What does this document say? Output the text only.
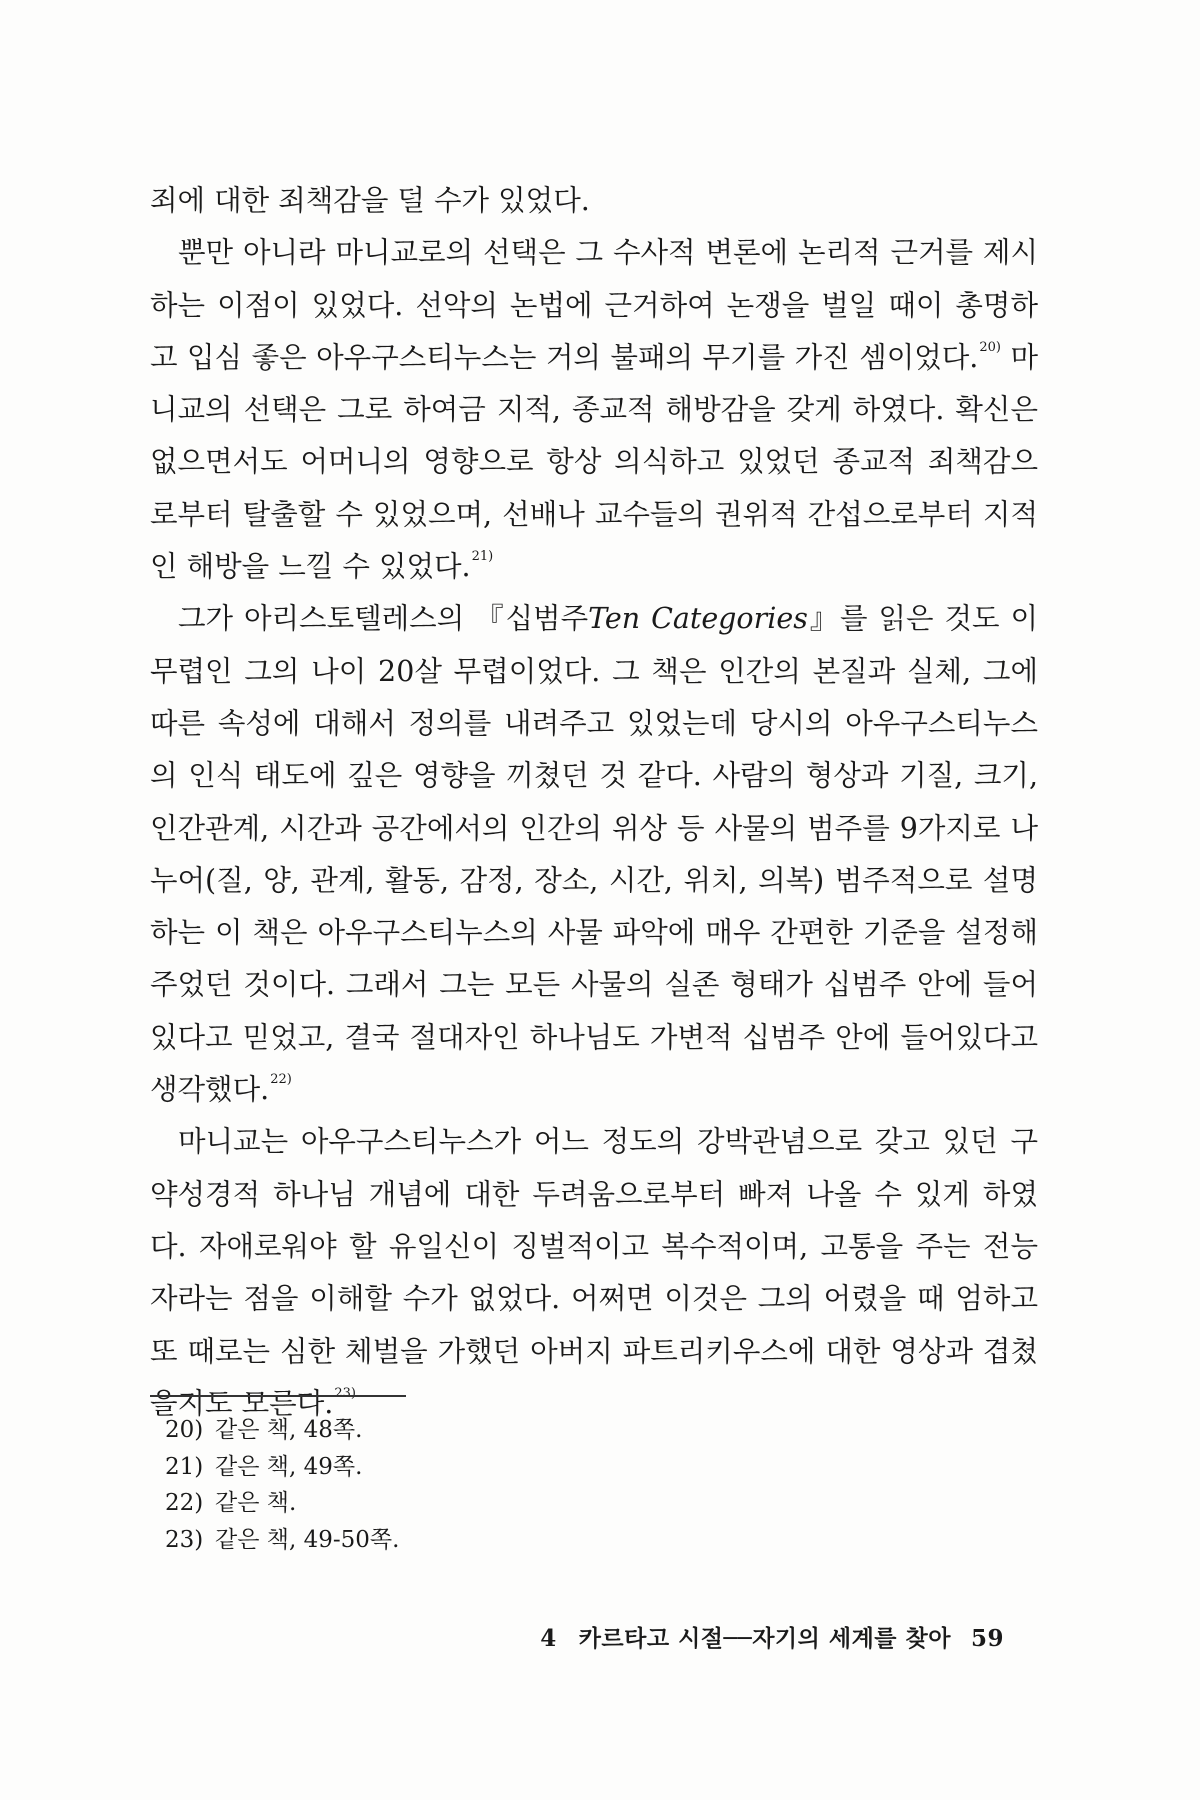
죄에 대한 죄책감을 덜 수가 있었다.

뿐만 아니라 마니교로의 선택은 그 수사적 변론에 논리적 근거를 제시하는 이점이 있었다. 선악의 논법에 근거하여 논쟁을 벌일 때이 총명하고 입심 좋은 아우구스티누스는 거의 불패의 무기를 가진 셈이었다.$^{20)}$ 마니교의 선택은 그로 하여금 지적, 종교적 해방감을 갖게 하였다. 확신은 없으면서도 어머니의 영향으로 항상 의식하고 있었던 종교적 죄책감으로부터 탈출할 수 있었으며, 선배나 교수들의 권위적 간섭으로부터 지적인 해방을 느낄 수 있었다.$^{21)}$

그가 아리스토텔레스의 『십범주Ten Categories』를 읽은 것도 이 무렵인 그의 나이 20살 무렵이었다. 그 책은 인간의 본질과 실체, 그에 따른 속성에 대해서 정의를 내려주고 있었는데 당시의 아우구스티누스의 인식 태도에 깊은 영향을 끼쳤던 것 같다. 사람의 형상과 기질, 크기, 인간관계, 시간과 공간에서의 인간의 위상 등 사물의 범주를 9가지로 나누어(질, 양, 관계, 활동, 감정, 장소, 시간, 위치, 의복) 범주적으로 설명하는 이 책은 아우구스티누스의 사물 파악에 매우 간편한 기준을 설정해 주었던 것이다. 그래서 그는 모든 사물의 실존 형태가 십범주 안에 들어 있다고 믿었고, 결국 절대자인 하나님도 가변적 십범주 안에 들어있다고 생각했다.$^{22)}$

마니교는 아우구스티누스가 어느 정도의 강박관념으로 갖고 있던 구약성경적 하나님 개념에 대한 두려움으로부터 빠져 나올 수 있게 하였다. 자애로워야 할 유일신이 징벌적이고 복수적이며, 고통을 주는 전능자라는 점을 이해할 수가 없었다. 어쩌면 이것은 그의 어렸을 때 엄하고 또 때로는 심한 체벌을 가했던 아버지 파트리키우스에 대한 영상과 겹쳤을지도 모른다.$^{23)}$

20) 같은 책, 48쪽.
21) 같은 책, 49쪽.
22) 같은 책.
23) 같은 책, 49-50쪽.
4 카르타고 시절──자기의 세계를 찾아 59
